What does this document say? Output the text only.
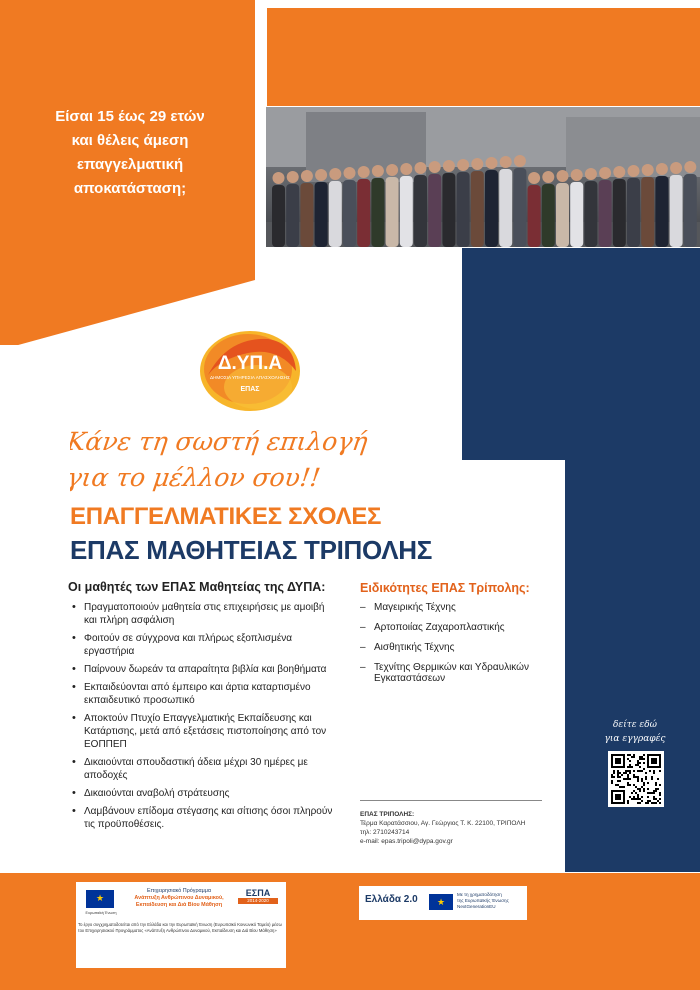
Είσαι 15 έως 29 ετών
και θέλεις άμεση
επαγγελματική
αποκατάσταση;
Δ.ΥΠ.Α
ΔΗΜΟΣΙΑ ΥΠΗΡΕΣΙΑ ΑΠΑΣΧΟΛΗΣΗΣ
ΕΠΑΣ
Κάνε τη σωστή επιλογή
για το μέλλον σου!!
ΕΠΑΓΓΕΛΜΑΤΙΚΕΣ ΣΧΟΛΕΣ
ΕΠΑΣ ΜΑΘΗΤΕΙΑΣ ΤΡΙΠΟΛΗΣ
Οι μαθητές των ΕΠΑΣ Μαθητείας της ΔΥΠΑ:
• Πραγματοποιούν μαθητεία στις επιχειρήσεις με αμοιβή και πλήρη ασφάλιση
• Φοιτούν σε σύγχρονα και πλήρως εξοπλισμένα εργαστήρια
• Παίρνουν δωρεάν τα απαραίτητα βιβλία και βοηθήματα
• Εκπαιδεύονται από έμπειρο και άρτια καταρτισμένο εκπαιδευτικό προσωπικό
• Αποκτούν Πτυχίο Επαγγελματικής Εκπαίδευσης και Κατάρτισης, μετά από εξετάσεις πιστοποίησης από τον ΕΟΠΠΕΠ
• Δικαιούνται σπουδαστική άδεια μέχρι 30 ημέρες με αποδοχές
• Δικαιούνται αναβολή στράτευσης
• Λαμβάνουν επίδομα στέγασης και σίτισης όσοι πληρούν τις προϋποθέσεις.
Ειδικότητες ΕΠΑΣ Τρίπολης:
– Μαγειρικής Τέχνης
– Αρτοποιίας Ζαχαροπλαστικής
– Αισθητικής Τέχνης
– Τεχνίτης Θερμικών και Υδραυλικών Εγκαταστάσεων
ΕΠΑΣ ΤΡΙΠΟΛΗΣ:
Τέρμα Καρατάσσιου, Αγ. Γεώργιος Τ. Κ. 22100, ΤΡΙΠΟΛΗ
τηλ: 2710243714
e-mail: epas.tripoli@dypa.gov.gr
δείτε εδώ
για εγγραφές
★
Ευρωπαϊκή Ένωση
Επιχειρησιακό Πρόγραμμα
Ανάπτυξη Ανθρώπινου Δυναμικού,
Εκπαίδευση και Διά Βίου Μάθηση
ΕΣΠΑ
2014-2020
Το έργο συγχρηματοδοτείται από την Ελλάδα και την Ευρωπαϊκή Ένωση (Ευρωπαϊκό Κοινωνικό Ταμείο) μέσω του Επιχειρησιακού Προγράμματος «Ανάπτυξη Ανθρώπινου Δυναμικού, Εκπαίδευση και Διά Βίου Μάθηση»
Ελλάδα 2.0
★	Με τη χρηματοδότηση
της Ευρωπαϊκής Ένωσης
NextGenerationEU
